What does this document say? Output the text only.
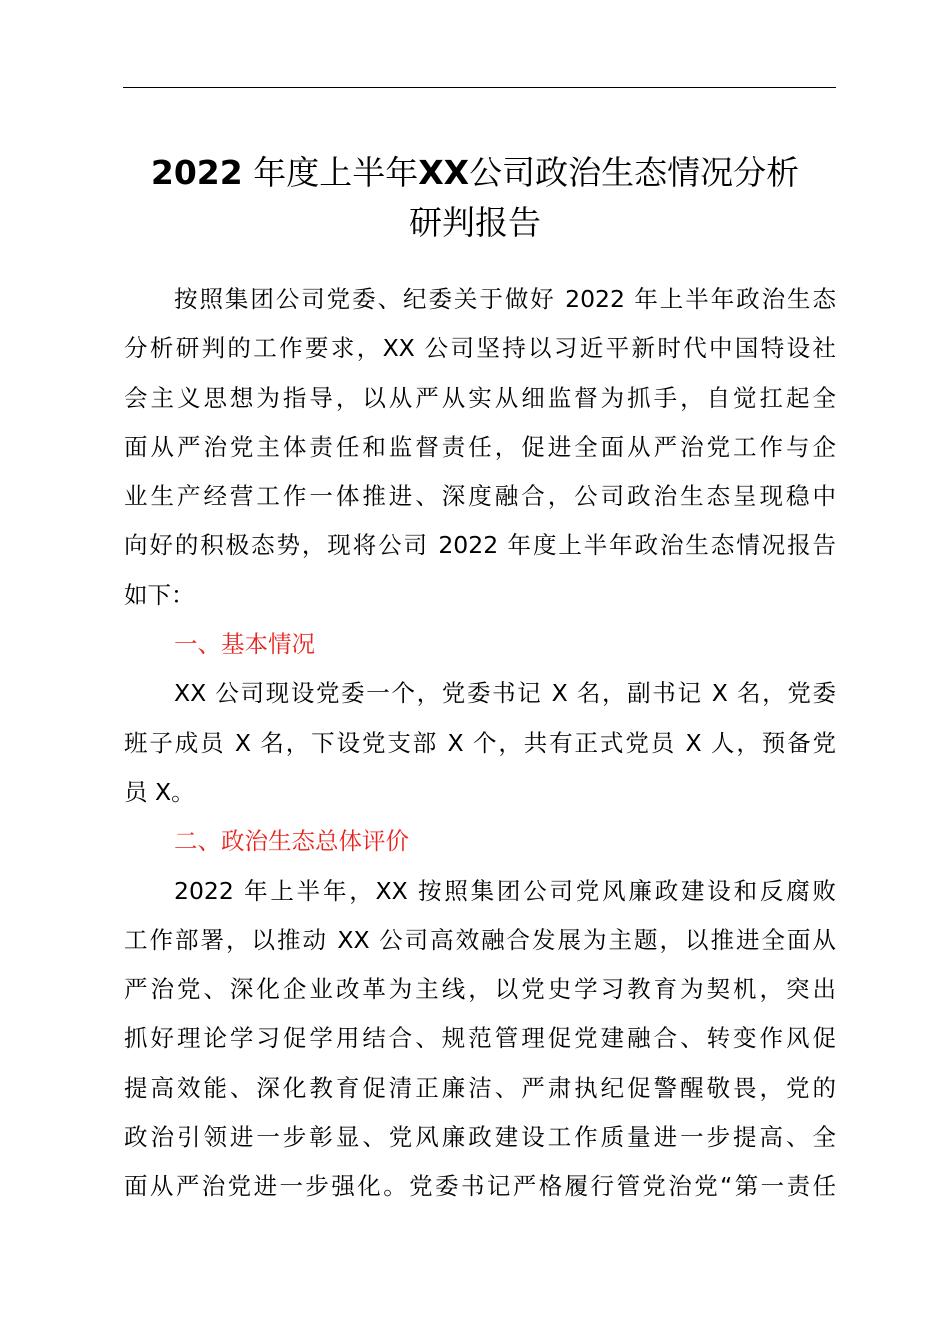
2022 年度上半年XX公司政治生态情况分析
研判报告
按照集团公司党委、纪委关于做好 2022 年上半年政治生态
分析研判的工作要求，XX 公司坚持以习近平新时代中国特设社
会主义思想为指导，以从严从实从细监督为抓手，自觉扛起全
面从严治党主体责任和监督责任，促进全面从严治党工作与企
业生产经营工作一体推进、深度融合，公司政治生态呈现稳中
向好的积极态势，现将公司 2022 年度上半年政治生态情况报告
如下：
一、基本情况
XX 公司现设党委一个，党委书记 X 名，副书记 X 名，党委
班子成员 X 名，下设党支部 X 个，共有正式党员 X 人，预备党
员 X。
二、政治生态总体评价
2022 年上半年，XX 按照集团公司党风廉政建设和反腐败
工作部署，以推动 XX 公司高效融合发展为主题，以推进全面从
严治党、深化企业改革为主线，以党史学习教育为契机，突出
抓好理论学习促学用结合、规范管理促党建融合、转变作风促
提高效能、深化教育促清正廉洁、严肃执纪促警醒敬畏，党的
政治引领进一步彰显、党风廉政建设工作质量进一步提高、全
面从严治党进一步强化。党委书记严格履行管党治党“第一责任
